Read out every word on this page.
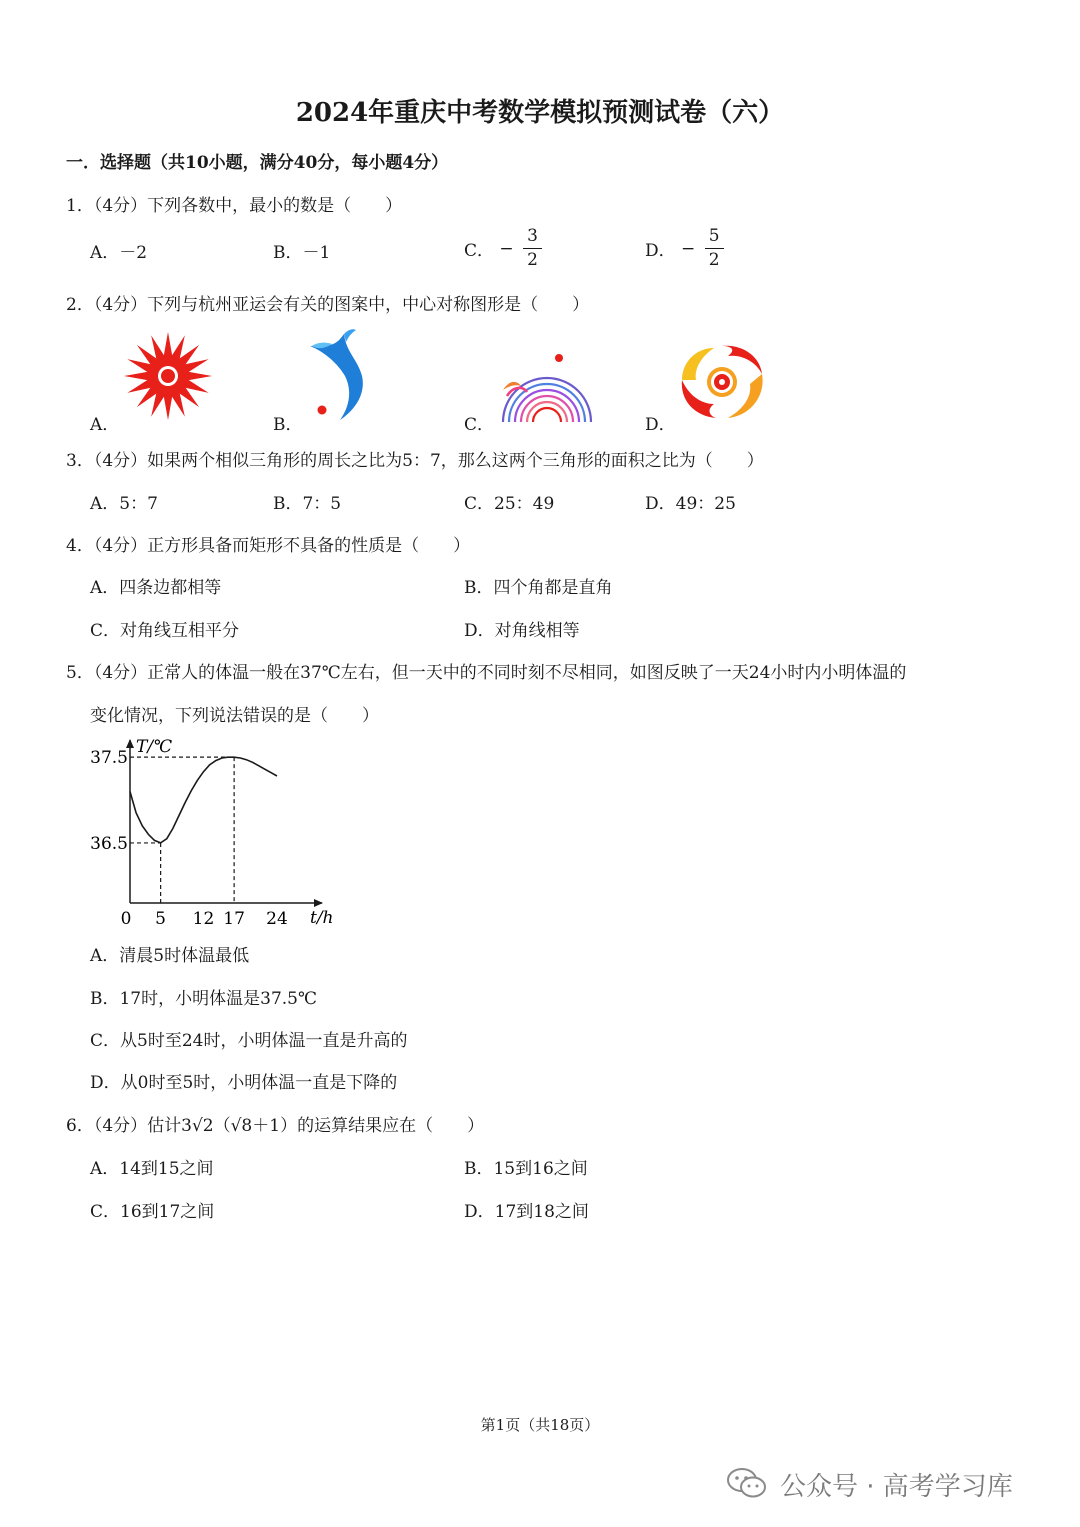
2024年重庆中考数学模拟预测试卷（六）
一．选择题（共10小题，满分40分，每小题4分）
1．（4分）下列各数中，最小的数是（　　）
A．－2	B．－1	C． − $\frac{3}{2}$	D． − $\frac{5}{2}$
2．（4分）下列与杭州亚运会有关的图案中，中心对称图形是（　　）
A．	B．	C．	D．
3．（4分）如果两个相似三角形的周长之比为5：7，那么这两个三角形的面积之比为（　　）
A．5：7	B．7：5	C．25：49	D．49：25
4．（4分）正方形具备而矩形不具备的性质是（　　）
A．四条边都相等	B．四个角都是直角
C．对角线互相平分	D．对角线相等
5．（4分）正常人的体温一般在37℃左右，但一天中的不同时刻不尽相同，如图反映了一天24小时内小明体温的
变化情况，下列说法错误的是（　　）
T/℃
t/h
0 5 12 17 24
36.5
37.5
A．清晨5时体温最低
B．17时，小明体温是37.5℃
C．从5时至24时，小明体温一直是升高的
D．从0时至5时，小明体温一直是下降的
6．（4分）估计3√2（√8＋1）的运算结果应在（　　）
A．14到15之间	B．15到16之间
C．16到17之间	D．17到18之间
第1页（共18页）
公众号 · 高考学习库
